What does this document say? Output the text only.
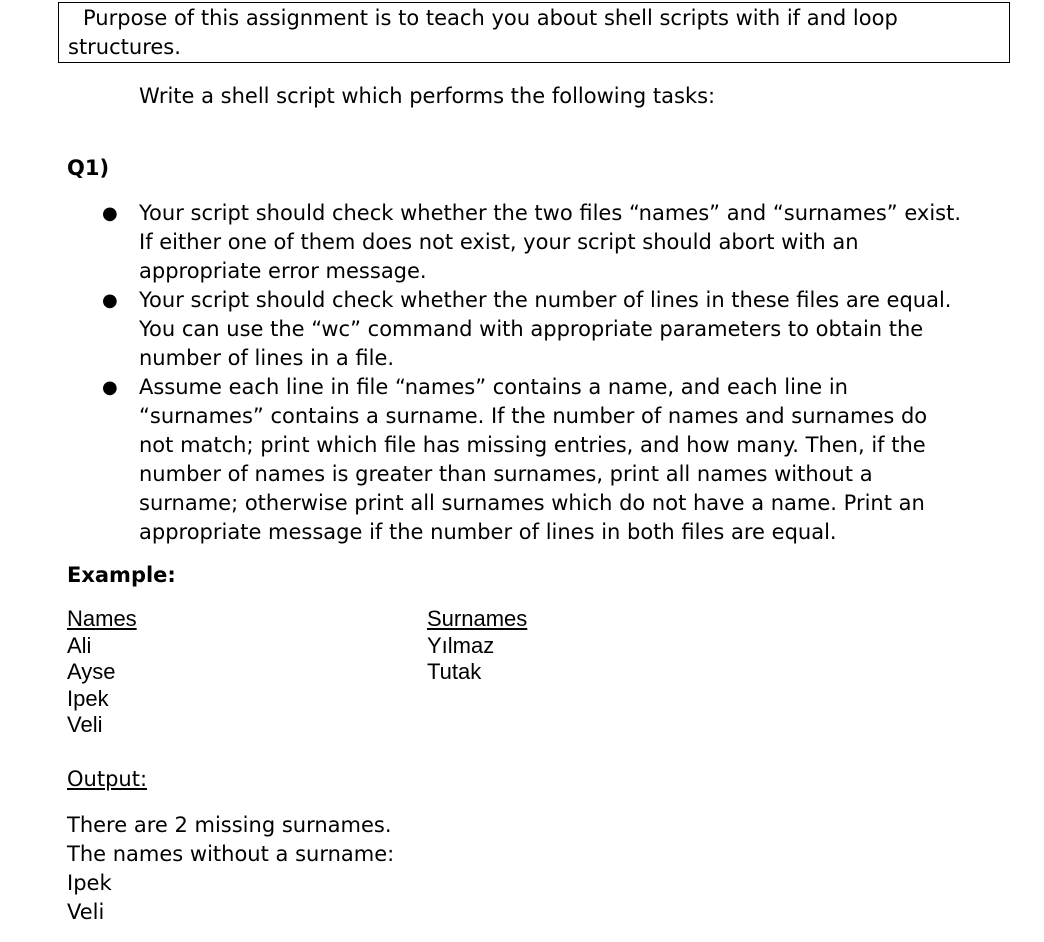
Purpose of this assignment is to teach you about shell scripts with if and loop
structures.

Write a shell script which performs the following tasks:

Q1)

● Your script should check whether the two files “names” and “surnames” exist.
If either one of them does not exist, your script should abort with an
appropriate error message.
● Your script should check whether the number of lines in these files are equal.
You can use the “wc” command with appropriate parameters to obtain the
number of lines in a file.
● Assume each line in file “names” contains a name, and each line in
“surnames” contains a surname. If the number of names and surnames do
not match; print which file has missing entries, and how many. Then, if the
number of names is greater than surnames, print all names without a
surname; otherwise print all surnames which do not have a name. Print an
appropriate message if the number of lines in both files are equal.

Example:

Names
Ali
Ayse
Ipek
Veli
Surnames
Yılmaz
Tutak

Output:

There are 2 missing surnames.
The names without a surname:
Ipek
Veli
